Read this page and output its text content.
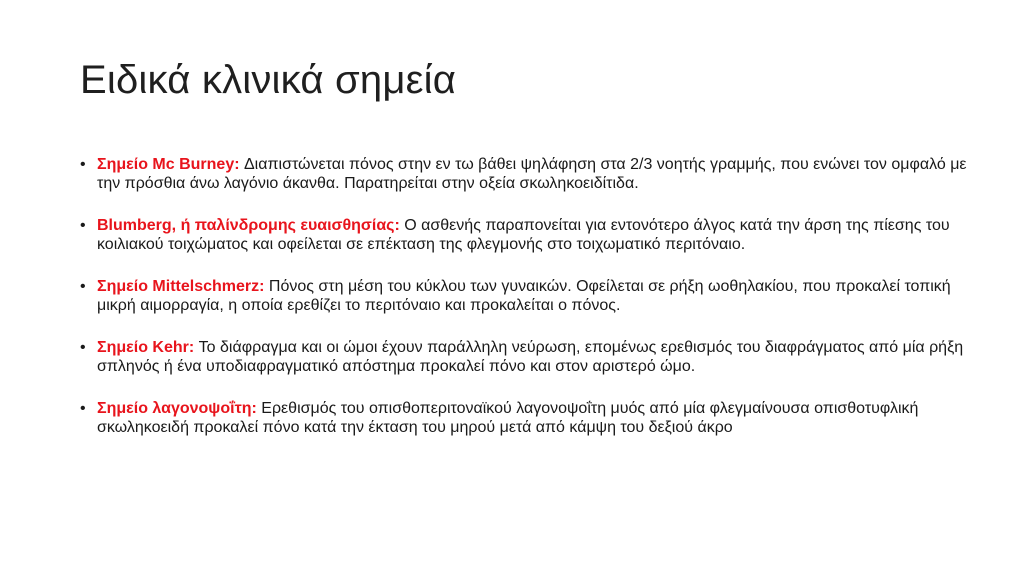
Ειδικά κλινικά σημεία
• Σημείο Mc Burney: Διαπιστώνεται πόνος στην εν τω βάθει ψηλάφηση στα 2/3 νοητής γραμμής, που ενώνει τον ομφαλό με την πρόσθια άνω λαγόνιο άκανθα. Παρατηρείται στην οξεία σκωληκοειδίτιδα.
• Blumberg, ή παλίνδρομης ευαισθησίας: Ο ασθενής παραπονείται για εντονότερο άλγος κατά την άρση της πίεσης του κοιλιακού τοιχώματος και οφείλεται σε επέκταση της φλεγμονής στο τοιχωματικό περιτόναιο.
• Σημείο Mittelschmerz: Πόνος στη μέση του κύκλου των γυναικών. Οφείλεται σε ρήξη ωοθηλακίου, που προκαλεί τοπική μικρή αιμορραγία, η οποία ερεθίζει το περιτόναιο και προκαλείται ο πόνος.
• Σημείο Kehr: Το διάφραγμα και οι ώμοι έχουν παράλληλη νεύρωση, επομένως ερεθισμός του διαφράγματος από μία ρήξη σπληνός ή ένα υποδιαφραγματικό απόστημα προκαλεί πόνο και στον αριστερό ώμο.
• Σημείο λαγονοψοΐτη: Ερεθισμός του οπισθοπεριτοναϊκού λαγονοψοΐτη μυός από μία φλεγμαίνουσα οπισθοτυφλική σκωληκοειδή προκαλεί πόνο κατά την έκταση του μηρού μετά από κάμψη του δεξιού άκρο
